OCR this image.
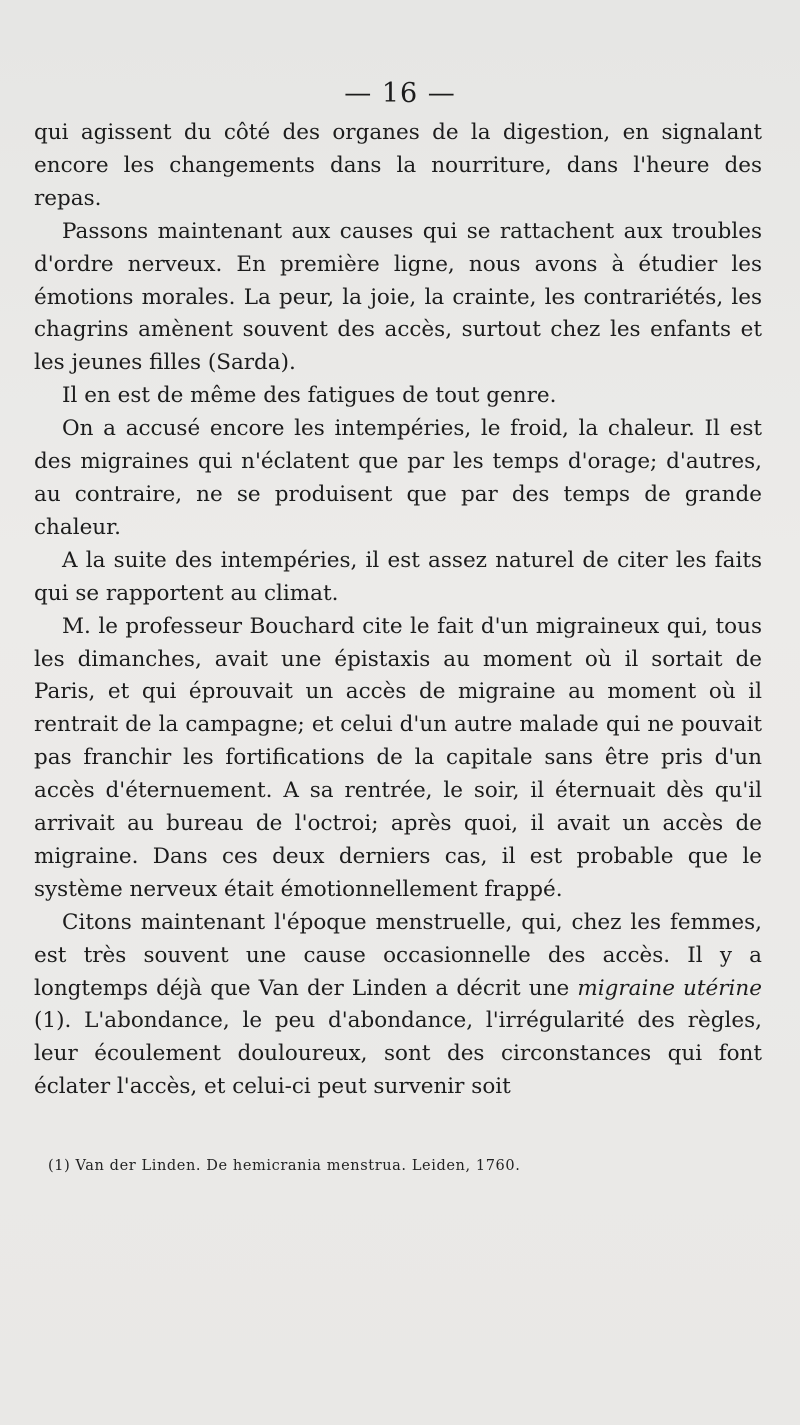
— 16 —

qui agissent du côté des organes de la digestion, en signalant encore les changements dans la nourriture, dans l'heure des repas.

Passons maintenant aux causes qui se rattachent aux troubles d'ordre nerveux. En première ligne, nous avons à étudier les émotions morales. La peur, la joie, la crainte, les contrariétés, les chagrins amènent souvent des accès, surtout chez les enfants et les jeunes filles (Sarda).

Il en est de même des fatigues de tout genre.

On a accusé encore les intempéries, le froid, la chaleur. Il est des migraines qui n'éclatent que par les temps d'orage; d'autres, au contraire, ne se produisent que par des temps de grande chaleur.

A la suite des intempéries, il est assez naturel de citer les faits qui se rapportent au climat.

M. le professeur Bouchard cite le fait d'un migraineux qui, tous les dimanches, avait une épistaxis au moment où il sortait de Paris, et qui éprouvait un accès de migraine au moment où il rentrait de la campagne; et celui d'un autre malade qui ne pouvait pas franchir les fortifications de la capitale sans être pris d'un accès d'éternuement. A sa rentrée, le soir, il éternuait dès qu'il arrivait au bureau de l'octroi; après quoi, il avait un accès de migraine. Dans ces deux derniers cas, il est probable que le système nerveux était émotionnellement frappé.

Citons maintenant l'époque menstruelle, qui, chez les femmes, est très souvent une cause occasionnelle des accès. Il y a longtemps déjà que Van der Linden a décrit une migraine utérine (1). L'abondance, le peu d'abondance, l'irrégularité des règles, leur écoulement douloureux, sont des circonstances qui font éclater l'accès, et celui-ci peut survenir soit

(1) Van der Linden. De hemicrania menstrua. Leiden, 1760.
